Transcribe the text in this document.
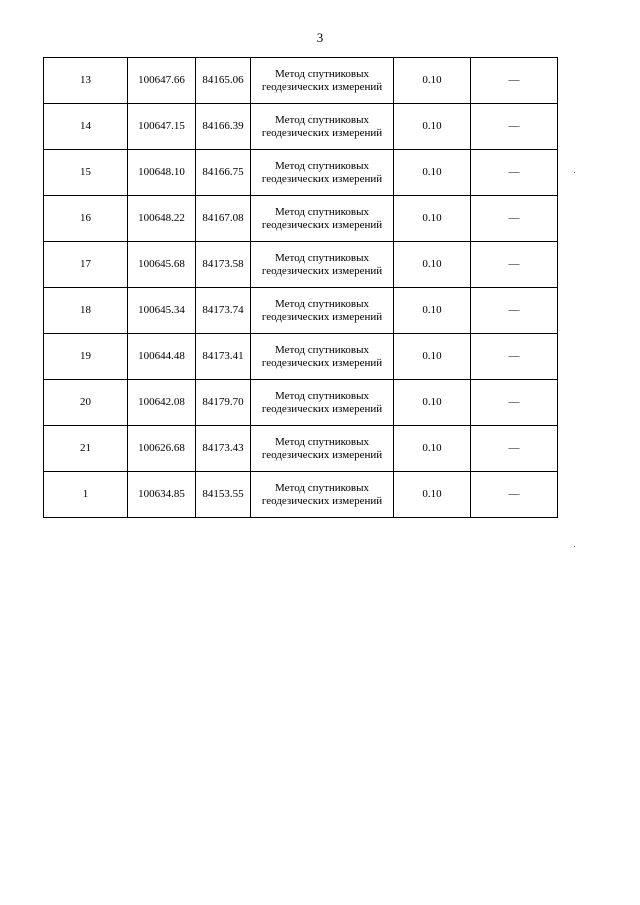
3
13	100647.66	84165.06	Метод спутниковых
геодезических измерений	0.10	—
14	100647.15	84166.39	Метод спутниковых
геодезических измерений	0.10	—
15	100648.10	84166.75	Метод спутниковых
геодезических измерений	0.10	—
16	100648.22	84167.08	Метод спутниковых
геодезических измерений	0.10	—
17	100645.68	84173.58	Метод спутниковых
геодезических измерений	0.10	—
18	100645.34	84173.74	Метод спутниковых
геодезических измерений	0.10	—
19	100644.48	84173.41	Метод спутниковых
геодезических измерений	0.10	—
20	100642.08	84179.70	Метод спутниковых
геодезических измерений	0.10	—
21	100626.68	84173.43	Метод спутниковых
геодезических измерений	0.10	—
1	100634.85	84153.55	Метод спутниковых
геодезических измерений	0.10	—
